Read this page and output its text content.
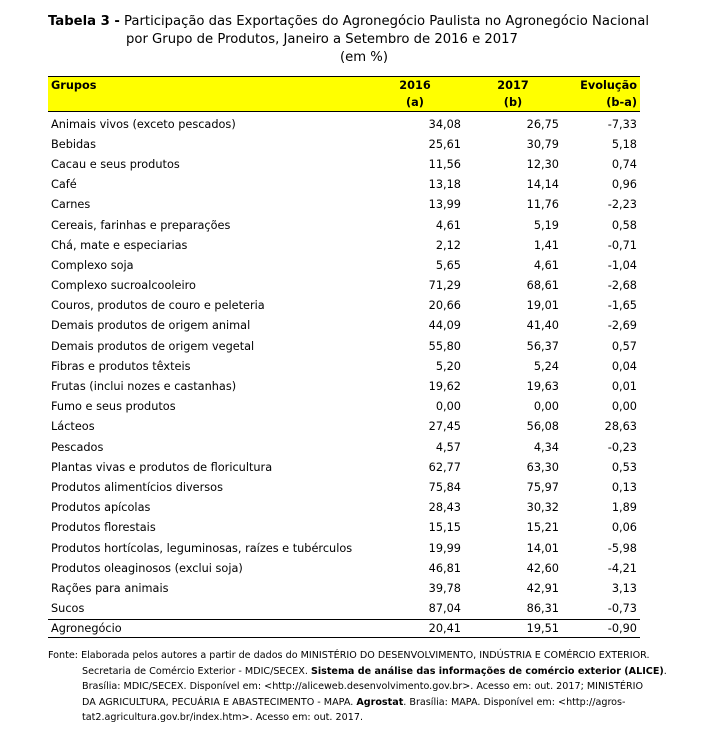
Tabela 3 - Participação das Exportações do Agronegócio Paulista no Agronegócio Nacional
por Grupo de Produtos, Janeiro a Setembro de 2016 e 2017
(em %)
Grupos	2016	2017	Evolução
	(a)	(b)	(b-a)
Animais vivos (exceto pescados)	34,08	26,75	-7,33
Bebidas	25,61	30,79	5,18
Cacau e seus produtos	11,56	12,30	0,74
Café	13,18	14,14	0,96
Carnes	13,99	11,76	-2,23
Cereais, farinhas e preparações	4,61	5,19	0,58
Chá, mate e especiarias	2,12	1,41	-0,71
Complexo soja	5,65	4,61	-1,04
Complexo sucroalcooleiro	71,29	68,61	-2,68
Couros, produtos de couro e peleteria	20,66	19,01	-1,65
Demais produtos de origem animal	44,09	41,40	-2,69
Demais produtos de origem vegetal	55,80	56,37	0,57
Fibras e produtos têxteis	5,20	5,24	0,04
Frutas (inclui nozes e castanhas)	19,62	19,63	0,01
Fumo e seus produtos	0,00	0,00	0,00
Lácteos	27,45	56,08	28,63
Pescados	4,57	4,34	-0,23
Plantas vivas e produtos de floricultura	62,77	63,30	0,53
Produtos alimentícios diversos	75,84	75,97	0,13
Produtos apícolas	28,43	30,32	1,89
Produtos florestais	15,15	15,21	0,06
Produtos hortícolas, leguminosas, raízes e tubérculos	19,99	14,01	-5,98
Produtos oleaginosos (exclui soja)	46,81	42,60	-4,21
Rações para animais	39,78	42,91	3,13
Sucos	87,04	86,31	-0,73
Agronegócio	20,41	19,51	-0,90
Fonte: Elaborada pelos autores a partir de dados do MINISTÉRIO DO DESENVOLVIMENTO, INDÚSTRIA E COMÉRCIO EXTERIOR.
Secretaria de Comércio Exterior - MDIC/SECEX. Sistema de análise das informações de comércio exterior (ALICE).
Brasília: MDIC/SECEX. Disponível em: <http://aliceweb.desenvolvimento.gov.br>. Acesso em: out. 2017; MINISTÉRIO
DA AGRICULTURA, PECUÁRIA E ABASTECIMENTO - MAPA. Agrostat. Brasília: MAPA. Disponível em: <http://agros-
tat2.agricultura.gov.br/index.htm>. Acesso em: out. 2017.
